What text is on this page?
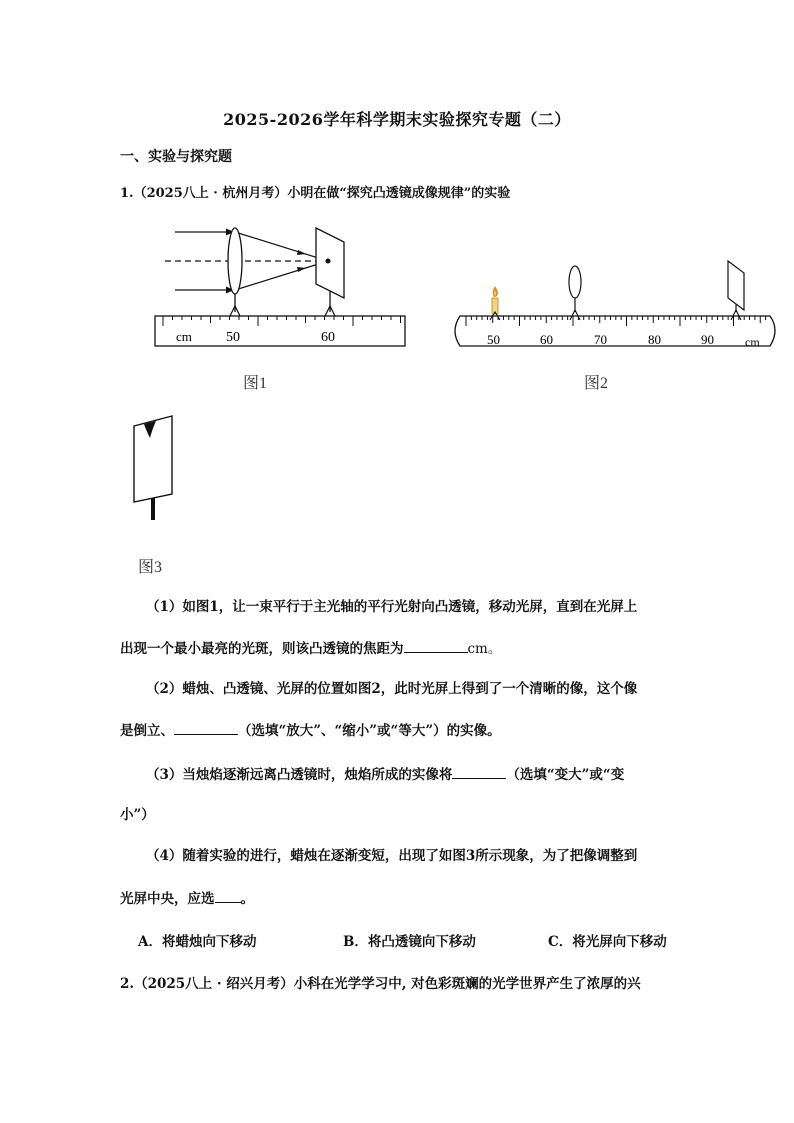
2025-2026学年科学期末实验探究专题（二）
一、实验与探究题
1.（2025八上 · 杭州月考）小明在做“探究凸透镜成像规律”的实验
cm 50	60
图1
50	60	70	80	90	cm
图2
图3
（1）如图1，让一束平行于主光轴的平行光射向凸透镜，移动光屏，直到在光屏上
出现一个最小最亮的光斑，则该凸透镜的焦距为	cm。
（2）蜡烛、凸透镜、光屏的位置如图2，此时光屏上得到了一个清晰的像，这个像
是倒立、	（选填“放大”、“缩小”或“等大”）的实像。
（3）当烛焰逐渐远离凸透镜时，烛焰所成的实像将	（选填“变大”或“变
小”）
（4）随着实验的进行，蜡烛在逐渐变短，出现了如图3所示现象，为了把像调整到
光屏中央，应选 。
A．将蜡烛向下移动	B．将凸透镜向下移动	C．将光屏向下移动
2.（2025八上 · 绍兴月考）小科在光学学习中, 对色彩斑斓的光学世界产生了浓厚的兴
